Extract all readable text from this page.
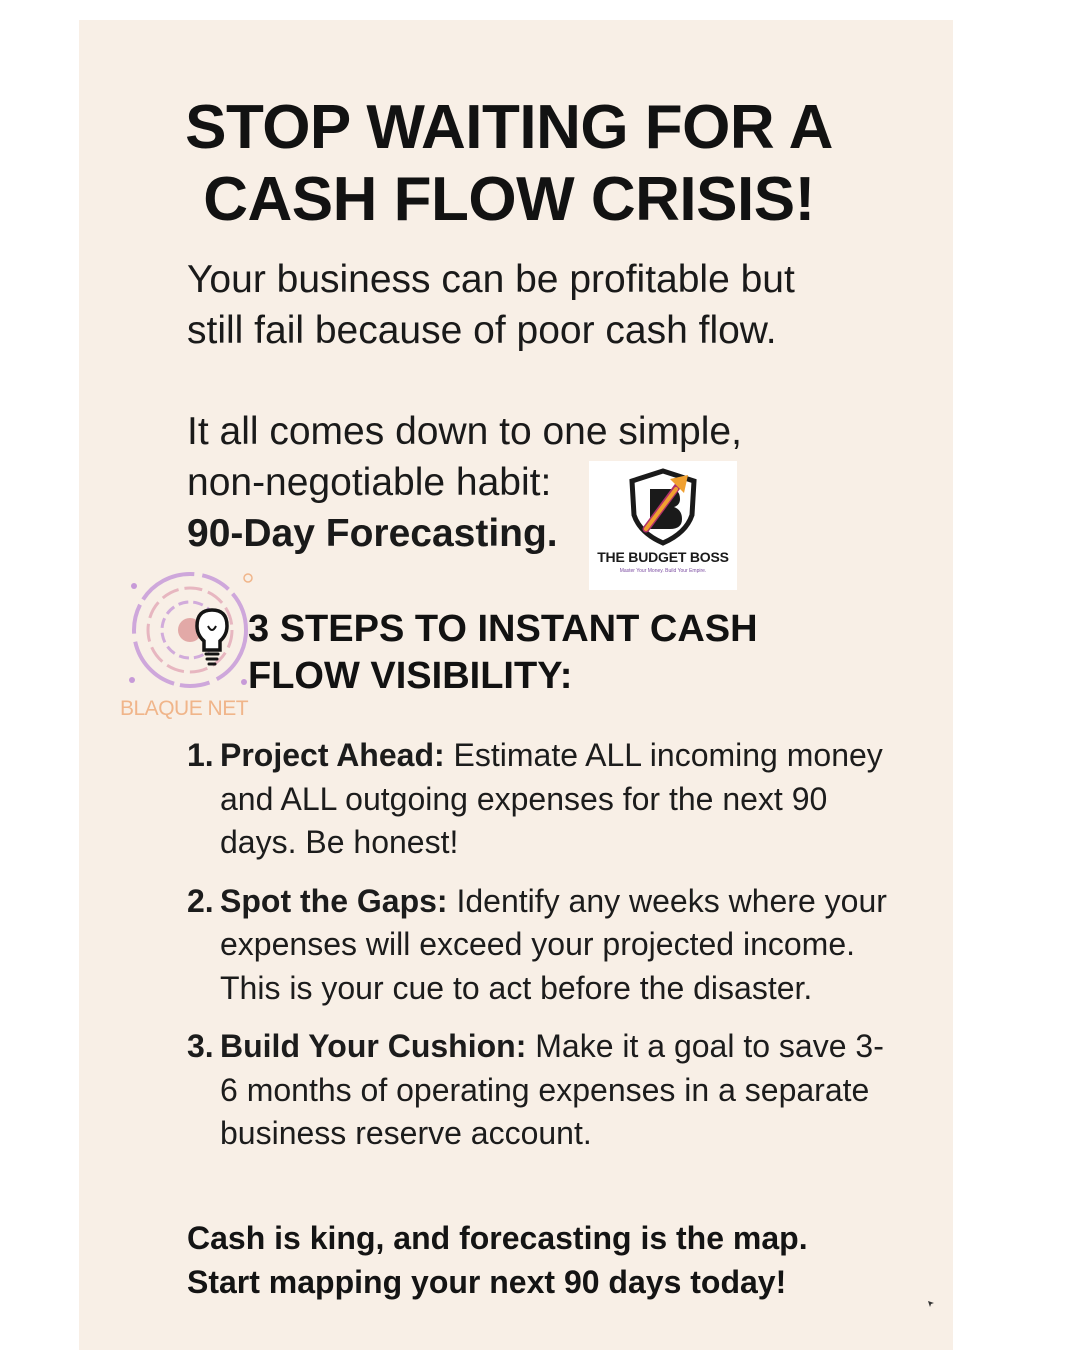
STOP WAITING FOR A
CASH FLOW CRISIS!

Your business can be profitable but
still fail because of poor cash flow.

It all comes down to one simple,
non-negotiable habit:
90-Day Forecasting.

THE BUDGET BOSS
Master Your Money. Build Your Empire.
BLAQUE NET
3 STEPS TO INSTANT CASH
FLOW VISIBILITY:
1. Project Ahead: Estimate ALL incoming money and ALL outgoing expenses for the next 90 days. Be honest!
2. Spot the Gaps: Identify any weeks where your expenses will exceed your projected income. This is your cue to act before the disaster.
3. Build Your Cushion: Make it a goal to save 3-6 months of operating expenses in a separate business reserve account.

Cash is king, and forecasting is the map.
Start mapping your next 90 days today!
